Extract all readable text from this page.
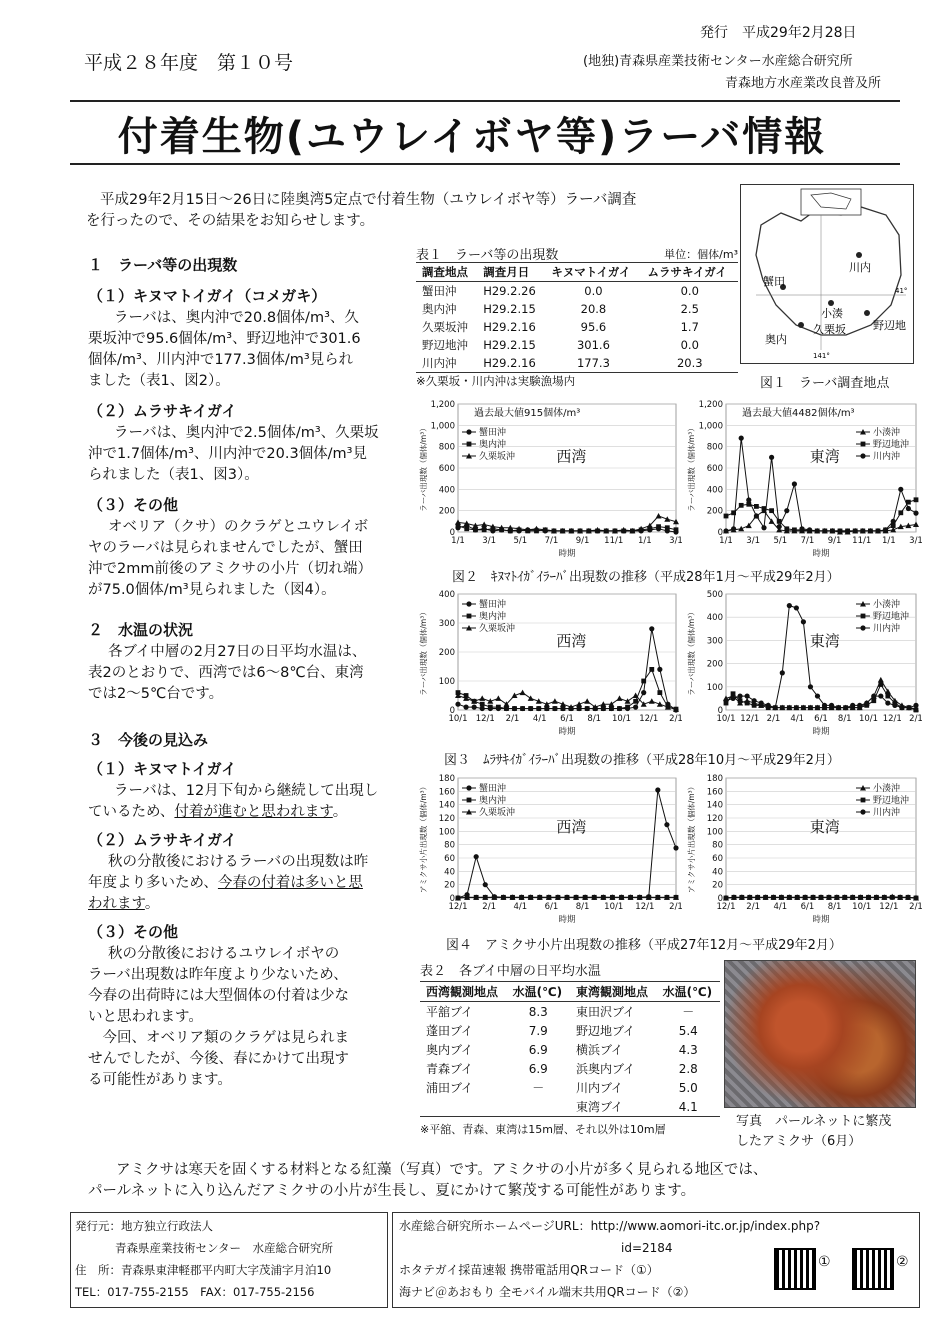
平成２８年度　第１０号
発行　平成29年2月28日
(地独)青森県産業技術センター水産総合研究所
青森地方水産業改良普及所
付着生物(ユウレイボヤ等)ラーバ情報
平成29年2月15日～26日に陸奥湾5定点で付着生物（ユウレイボヤ等）ラーバ調査
を行ったので、その結果をお知らせします。
１　ラーバ等の出現数
（１）キヌマトイガイ（コメガキ）
ラーバは、奥内沖で20.8個体/m³、久
栗坂沖で95.6個体/m³、野辺地沖で301.6
個体/m³、川内沖で177.3個体/m³見られ
ました（表1、図2）。
（２）ムラサキイガイ
ラーバは、奥内沖で2.5個体/m³、久栗坂
沖で1.7個体/m³、川内沖で20.3個体/m³見
られました（表1、図3）。
（３）その他
オベリア（クサ）のクラゲとユウレイボ
ヤのラーバは見られませんでしたが、蟹田
沖で2mm前後のアミクサの小片（切れ端）
が75.0個体/m³見られました（図4）。
２　水温の状況
各ブイ中層の2月27日の日平均水温は、
表2のとおりで、西湾では6～8℃台、東湾
では2～5℃台です。
３　今後の見込み
（１）キヌマトイガイ
ラーバは、12月下旬から継続して出現し
ているため、付着が進むと思われます。
（２）ムラサキイガイ
秋の分散後におけるラーバの出現数は昨
年度より多いため、今春の付着は多いと思
われます。
（３）その他
秋の分散後におけるユウレイボヤの
ラーバ出現数は昨年度より少ないため、
今春の出荷時には大型個体の付着は少な
いと思われます。
　今回、オベリア類のクラゲは見られま
せんでしたが、今後、春にかけて出現す
る可能性があります。
アミクサは寒天を固くする材料となる紅藻（写真）です。アミクサの小片が多く見られる地区では、
パールネットに入り込んだアミクサの小片が生長し、夏にかけて繁茂する可能性があります。
表１　ラーバ等の出現数	単位：個体/m³
調査地点	調査月日	キヌマトイガイ	ムラサキイガイ
蟹田沖	H29.2.26	0.0	0.0
奥内沖	H29.2.15	20.8	2.5
久栗坂沖	H29.2.16	95.6	1.7
野辺地沖	H29.2.15	301.6	0.0
川内沖	H29.2.16	177.3	20.3
※久栗坂・川内沖は実験漁場内
川内
蟹田
小湊
久栗坂 野辺地
奥内
41°
141°
図１　ラーバ調査地点
0
200
400
600
800
1,000
1,200
1/1 3/1 5/1 7/1 9/1 11/1 1/1 3/1
時期
ラーバ出現数（個体/m³）	西湾
過去最大値915個体/m³
蟹田沖
奥内沖
久栗坂沖
0
200
400
600
800
1,000
1,200
1/1 3/1 5/1 7/1 9/1 11/1 1/1 3/1
時期
ラーバ出現数（個体/m³）	東湾
過去最大値4482個体/m³
小湊沖
野辺地沖
川内沖
図２　ｷﾇﾏﾄｲｶﾞｲﾗｰﾊﾞ出現数の推移（平成28年1月～平成29年2月）
0
100
200
300
400
10/1 12/1 2/1 4/1 6/1 8/1 10/1 12/1 2/1
時期
ラーバ出現数（個体/m³）	西湾
蟹田沖
奥内沖
久栗坂沖
0
100
200
300
400
500
10/1 12/1 2/1 4/1 6/1 8/1 10/1 12/1 2/1
時期
ラーバ出現数（個体/m³）	東湾
小湊沖
野辺地沖
川内沖
図３　ﾑﾗｻｷｲｶﾞｲﾗｰﾊﾞ出現数の推移（平成28年10月～平成29年2月）
0
20
40
60
80
100
120
140
160
180
12/1 2/1 4/1 6/1 8/1 10/1 12/1 2/1
時期
アミクサ小片出現数（個体/m³）	西湾
蟹田沖
奥内沖
久栗坂沖
0
20
40
60
80
100
120
140
160
180
12/1 2/1 4/1 6/1 8/1 10/1 12/1 2/1
時期
アミクサ小片出現数（個体/m³）	東湾
小湊沖
野辺地沖
川内沖
図４　アミクサ小片出現数の推移（平成27年12月～平成29年2月）
表２　各ブイ中層の日平均水温
西湾観測地点	水温(℃)	東湾観測地点	水温(℃)
平舘ブイ	8.3	東田沢ブイ	－
蓬田ブイ	7.9	野辺地ブイ	5.4
奥内ブイ	6.9	横浜ブイ	4.3
青森ブイ	6.9	浜奥内ブイ	2.8
浦田ブイ	－	川内ブイ	5.0
		東湾ブイ	4.1
※平舘、青森、東湾は15m層、それ以外は10m層
写真　パールネットに繁茂
したアミクサ（6月）
発行元：地方独立行政法人
青森県産業技術センター　水産総合研究所
住　所：青森県東津軽郡平内町大字茂浦字月泊10
TEL：017-755-2155　FAX：017-755-2156
水産総合研究所ホームページURL：http://www.aomori-itc.or.jp/index.php?
id=2184
ホタテガイ採苗速報 携帯電話用QRコード（①）
海ナビ＠あおもり 全モバイル端末共用QRコード（②）
①	②
